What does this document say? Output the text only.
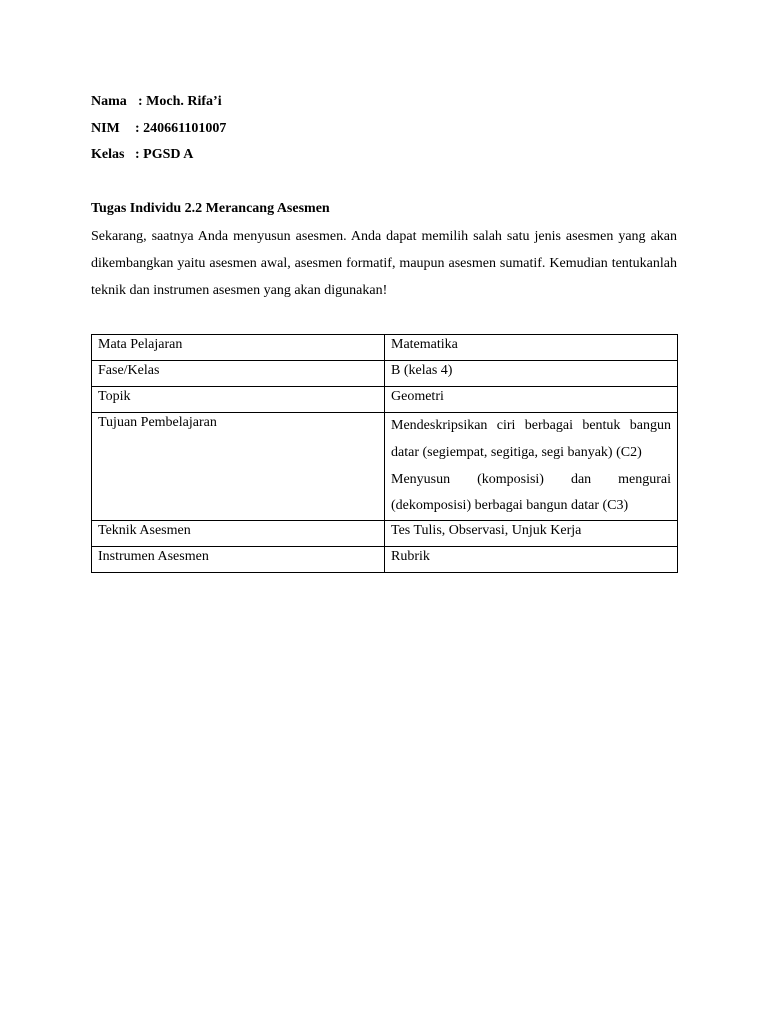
Nama : Moch. Rifa’i
NIM : 240661101007
Kelas : PGSD A
Tugas Individu 2.2 Merancang Asesmen
Sekarang, saatnya Anda menyusun asesmen. Anda dapat memilih salah satu jenis asesmen yang akan dikembangkan yaitu asesmen awal, asesmen formatif, maupun asesmen sumatif. Kemudian tentukanlah teknik dan instrumen asesmen yang akan digunakan!
Mata Pelajaran	Matematika
Fase/Kelas	B (kelas 4)
Topik	Geometri
Tujuan Pembelajaran	Mendeskripsikan ciri berbagai bentuk bangun datar (segiempat, segitiga, segi banyak) (C2)
Menyusun (komposisi) dan mengurai (dekomposisi) berbagai bangun datar (C3)

Teknik Asesmen	Tes Tulis, Observasi, Unjuk Kerja
Instrumen Asesmen	Rubrik
